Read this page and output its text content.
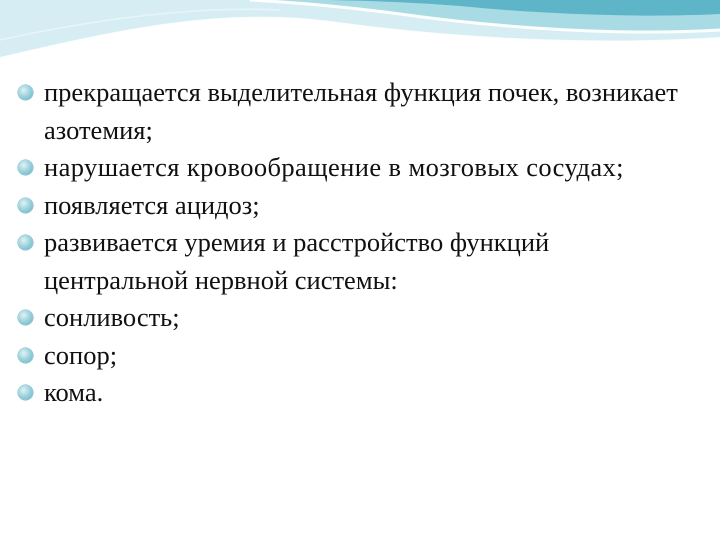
прекращается выделительная функция почек, возникает азотемия;
нарушается кровообращение в мозговых сосудах;
появляется ацидоз;
развивается уремия и расстройство функций центральной нервной системы:
сонливость;
сопор;
кома.
